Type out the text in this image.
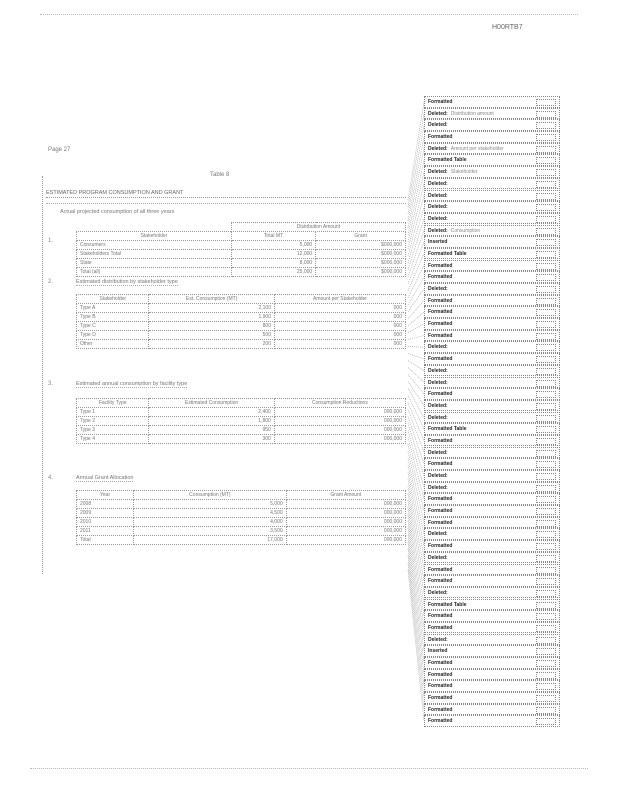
H00RTB7
Page 27
Table 8
ESTIMATED PROGRAM CONSUMPTION AND GRANT
Actual projected consumption of all three years
1.
	Distribution Amount	
Stakeholder	Total MT	Grant
Consumers	5,000	$000,000
Stakeholders Total	12,000	$000,000
State	8,000	$000,000
Total (all)	25,000	$000,000
2.	Estimated distribution by stakeholder type
Stakeholder	Est. Consumption (MT)	Amount per Stakeholder
Type A	2,100	000
Type B	1,900	000
Type C	800	000
Type D	500	000
Other	200	000
3.	Estimated annual consumption by facility type
Facility Type	Estimated Consumption	Consumption Reductions
Type 1	2,400	000,000
Type 2	1,800	000,000
Type 3	950	000,000
Type 4	300	000,000
4.	Annual Grant Allocation
Year	Consumption (MT)	Grant Amount
2008	5,000	000,000
2009	4,500	000,000
2010	4,000	000,000
2011	3,500	000,000
Total	17,000	000,000
Formatted
Deleted: Distribution amount
Deleted:
Formatted
Deleted: Amount per stakeholder
Formatted Table
Deleted: Stakeholder
Deleted:
Deleted:
Deleted:
Deleted:
Deleted: Consumption
Inserted
Formatted Table
Formatted
Formatted
Deleted:
Formatted
Formatted
Formatted
Formatted
Deleted:
Formatted
Deleted:
Deleted:
Formatted
Deleted:
Deleted:
Formatted Table
Formatted
Deleted:
Formatted
Deleted:
Deleted:
Formatted
Formatted
Formatted
Deleted:
Formatted
Deleted:
Formatted
Formatted
Deleted:
Formatted Table
Formatted
Formatted
Deleted:
Inserted
Formatted
Formatted
Formatted
Formatted
Formatted
Formatted
